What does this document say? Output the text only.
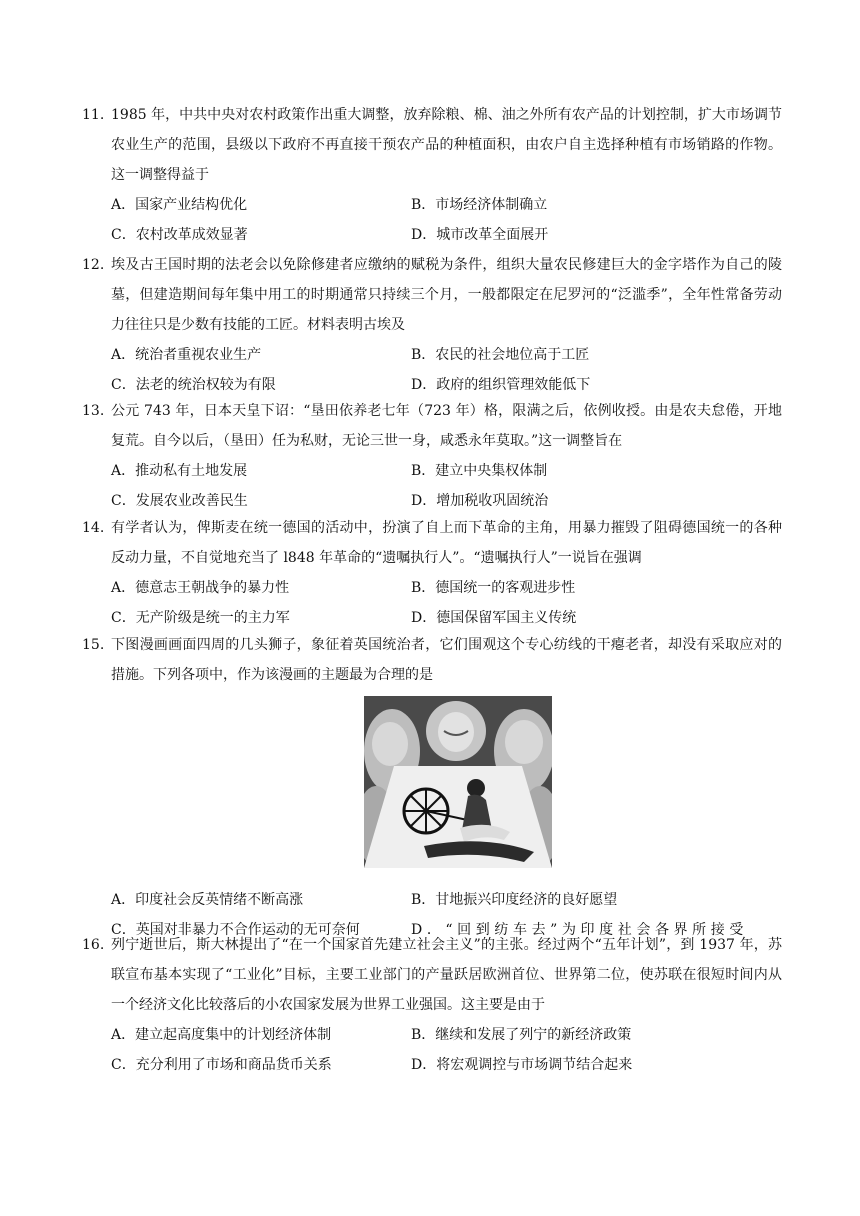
11. 1985 年，中共中央对农村政策作出重大调整，放弃除粮、棉、油之外所有农产品的计划控制，扩大市场调节农业生产的范围，县级以下政府不再直接干预农产品的种植面积，由农户自主选择种植有市场销路的作物。这一调整得益于
A．国家产业结构优化	B．市场经济体制确立
C．农村改革成效显著	D．城市改革全面展开
12. 埃及古王国时期的法老会以免除修建者应缴纳的赋税为条件，组织大量农民修建巨大的金字塔作为自己的陵墓，但建造期间每年集中用工的时期通常只持续三个月，一般都限定在尼罗河的“泛滥季”，全年性常备劳动力往往只是少数有技能的工匠。材料表明古埃及
A．统治者重视农业生产	B．农民的社会地位高于工匠
C．法老的统治权较为有限	D．政府的组织管理效能低下
13. 公元 743 年，日本天皇下诏：“垦田依养老七年（723 年）格，限满之后，依例收授。由是农夫怠倦，开地复荒。自今以后，（垦田）任为私财，无论三世一身，咸悉永年莫取。”这一调整旨在
A．推动私有土地发展	B．建立中央集权体制
C．发展农业改善民生	D．增加税收巩固统治
14. 有学者认为，俾斯麦在统一德国的活动中，扮演了自上而下革命的主角，用暴力摧毁了阻碍德国统一的各种反动力量，不自觉地充当了 l848 年革命的“遗嘱执行人”。“遗嘱执行人”一说旨在强调
A．德意志王朝战争的暴力性	B．德国统一的客观进步性
C．无产阶级是统一的主力军	D．德国保留军国主义传统
15. 下图漫画画面四周的几头狮子，象征着英国统治者，它们围观这个专心纺线的干瘪老者，却没有采取应对的措施。下列各项中，作为该漫画的主题最为合理的是
A．印度社会反英情绪不断高涨	B．甘地振兴印度经济的良好愿望
C．英国对非暴力不合作运动的无可奈何	D．“回到纺车去”为印度社会各界所接受
16. 列宁逝世后，斯大林提出了“在一个国家首先建立社会主义”的主张。经过两个“五年计划”，到 1937 年，苏联宣布基本实现了“工业化”目标，主要工业部门的产量跃居欧洲首位、世界第二位，使苏联在很短时间内从一个经济文化比较落后的小农国家发展为世界工业强国。这主要是由于
A．建立起高度集中的计划经济体制	B．继续和发展了列宁的新经济政策
C．充分利用了市场和商品货币关系	D．将宏观调控与市场调节结合起来
